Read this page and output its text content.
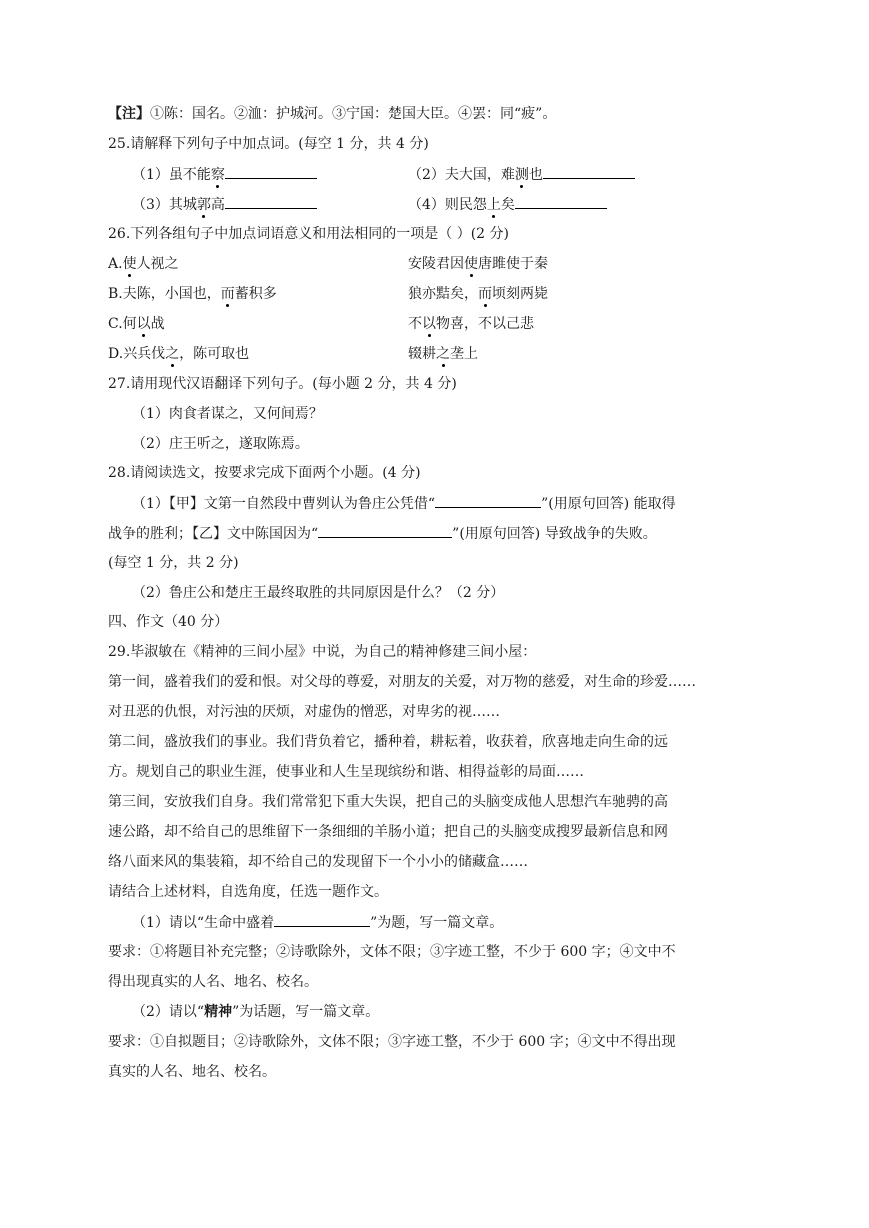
【注】①陈：国名。②洫：护城河。③宁国：楚国大臣。④罢：同“疲”。
25.请解释下列句子中加点词。(每空 1 分，共 4 分)
（1）虽不能察	（2）夫大国，难测也
（3）其城郭高	（4）则民怨上矣
26.下列各组句子中加点词语意义和用法相同的一项是（ ）(2 分)
A.使人视之	安陵君因使唐雎使于秦
B.夫陈，小国也，而蓄积多	狼亦黠矣，而顷刻两毙
C.何以战	不以物喜，不以己悲
D.兴兵伐之，陈可取也	辍耕之垄上
27.请用现代汉语翻译下列句子。(每小题 2 分，共 4 分)
（1）肉食者谋之，又何间焉？
（2）庄王听之，遂取陈焉。
28.请阅读选文，按要求完成下面两个小题。(4 分)
（1）【甲】文第一自然段中曹刿认为鲁庄公凭借“	”(用原句回答) 能取得
战争的胜利；【乙】文中陈国因为“	”(用原句回答) 导致战争的失败。
(每空 1 分，共 2 分)
（2）鲁庄公和楚庄王最终取胜的共同原因是什么？（2 分）
四、作文（40 分）
29.毕淑敏在《精神的三间小屋》中说，为自己的精神修建三间小屋：
第一间，盛着我们的爱和恨。对父母的尊爱，对朋友的关爱，对万物的慈爱，对生命的珍爱……
对丑恶的仇恨，对污浊的厌烦，对虚伪的憎恶，对卑劣的视……
第二间，盛放我们的事业。我们背负着它，播种着，耕耘着，收获着，欣喜地走向生命的远
方。规划自己的职业生涯，使事业和人生呈现缤纷和谐、相得益彰的局面……
第三间，安放我们自身。我们常常犯下重大失误，把自己的头脑变成他人思想汽车驰骋的高
速公路，却不给自己的思维留下一条细细的羊肠小道；把自己的头脑变成搜罗最新信息和网
络八面来风的集装箱，却不给自己的发现留下一个小小的储藏盒……
请结合上述材料，自选角度，任选一题作文。
（1）请以“生命中盛着	”为题，写一篇文章。
要求：①将题目补充完整；②诗歌除外，文体不限；③字迹工整，不少于 600 字；④文中不
得出现真实的人名、地名、校名。
（2）请以“精神”为话题，写一篇文章。
要求：①自拟题目；②诗歌除外，文体不限；③字迹工整，不少于 600 字；④文中不得出现
真实的人名、地名、校名。
